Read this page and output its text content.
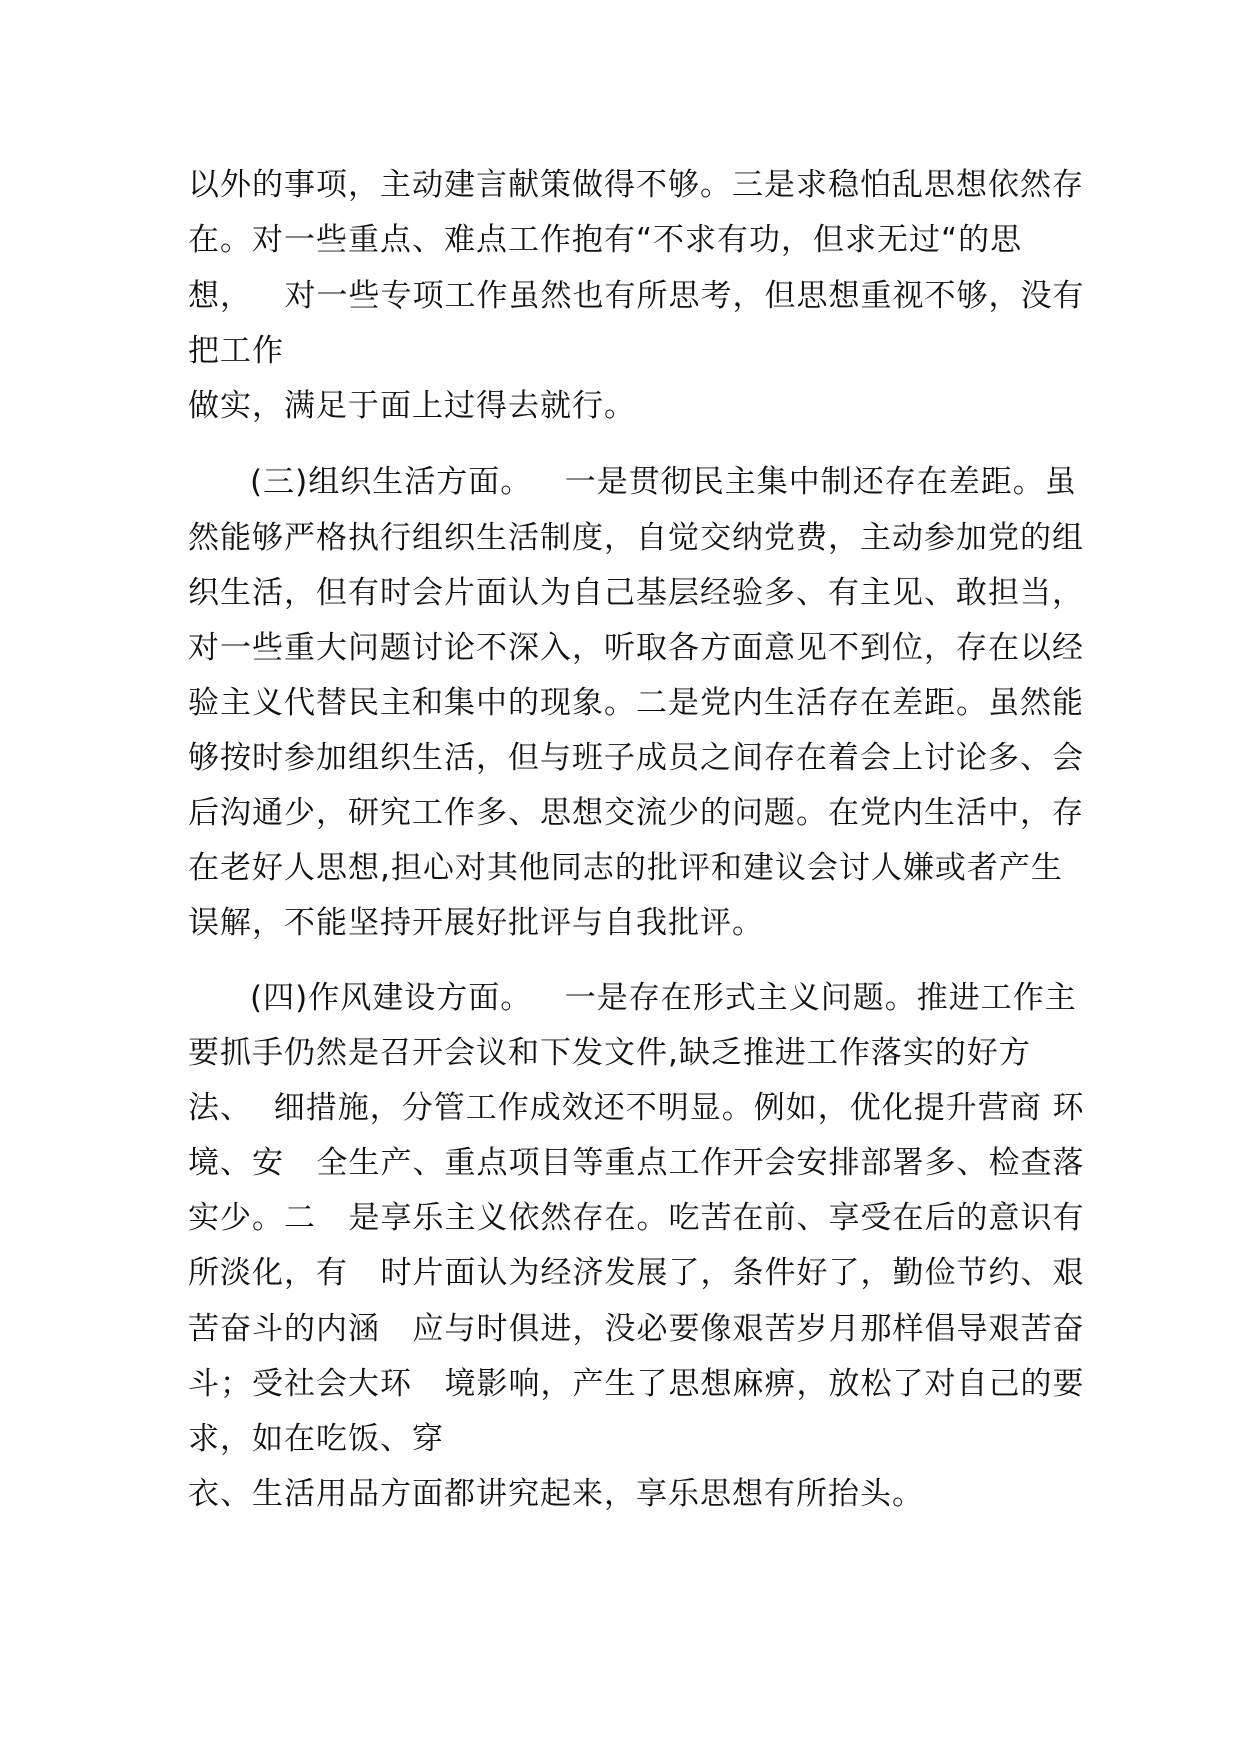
以外的事项，主动建言献策做得不够。三是求稳怕乱思想依然存
在。对一些重点、难点工作抱有“不求有功，但求无过“的思
想，   对一些专项工作虽然也有所思考，但思想重视不够，没有
把工作
做实，满足于面上过得去就行。
(三)组织生活方面。   一是贯彻民主集中制还存在差距。虽
然能够严格执行组织生活制度，自觉交纳党费，主动参加党的组
织生活，但有时会片面认为自己基层经验多、有主见、敢担当，
对一些重大问题讨论不深入，听取各方面意见不到位，存在以经
验主义代替民主和集中的现象。二是党内生活存在差距。虽然能
够按时参加组织生活，但与班子成员之间存在着会上讨论多、会
后沟通少，研究工作多、思想交流少的问题。在党内生活中，存
在老好人思想,担心对其他同志的批评和建议会讨人嫌或者产生
误解，不能坚持开展好批评与自我批评。
(四)作风建设方面。   一是存在形式主义问题。推进工作主
要抓手仍然是召开会议和下发文件,缺乏推进工作落实的好方
法、  细措施，分管工作成效还不明显。例如，优化提升营商 环
境、安   全生产、重点项目等重点工作开会安排部署多、检查落
实少。二   是享乐主义依然存在。吃苦在前、享受在后的意识有
所淡化，有   时片面认为经济发展了，条件好了，勤俭节约、艰
苦奋斗的内涵   应与时俱进，没必要像艰苦岁月那样倡导艰苦奋
斗；受社会大环   境影响，产生了思想麻痹，放松了对自己的要
求，如在吃饭、穿
衣、生活用品方面都讲究起来，享乐思想有所抬头。
